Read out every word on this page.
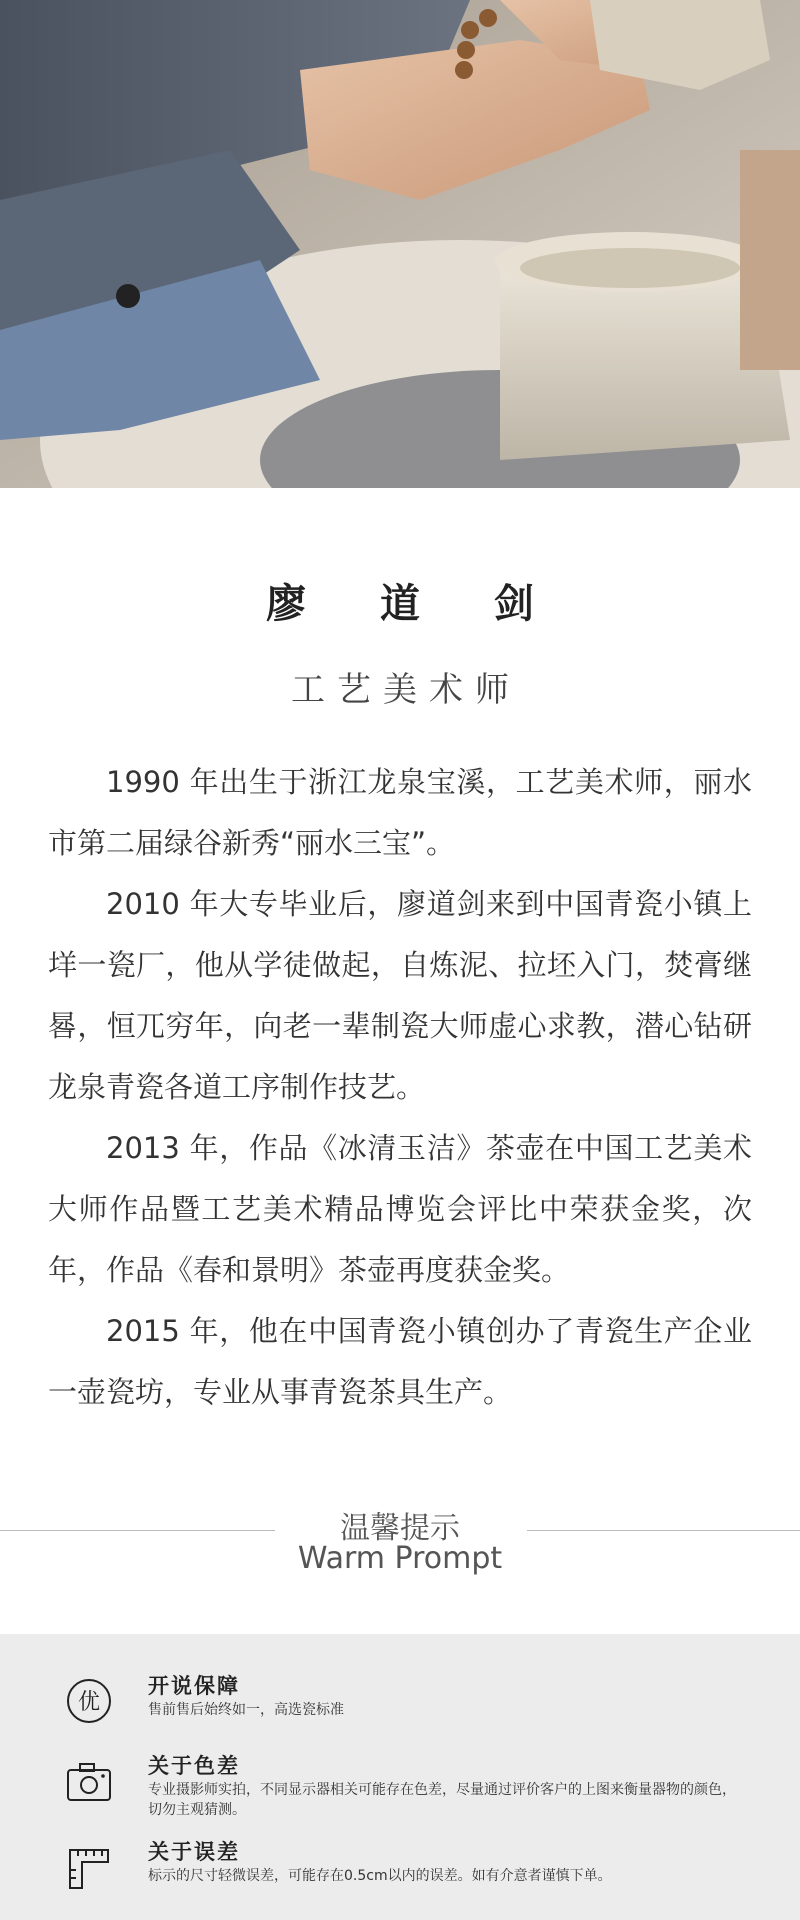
廖 道 剑
工艺美术师

1990 年出生于浙江龙泉宝溪，工艺美术师，丽水市第二届绿谷新秀“丽水三宝”。

2010 年大专毕业后，廖道剑来到中国青瓷小镇上垟一瓷厂，他从学徒做起，自炼泥、拉坯入门，焚膏继晷，恒兀穷年，向老一辈制瓷大师虚心求教，潜心钻研龙泉青瓷各道工序制作技艺。

2013 年，作品《冰清玉洁》茶壶在中国工艺美术大师作品暨工艺美术精品博览会评比中荣获金奖，次年，作品《春和景明》茶壶再度获金奖。

2015 年，他在中国青瓷小镇创办了青瓷生产企业一壶瓷坊，专业从事青瓷茶具生产。

温馨提示
Warm Prompt
优
开说保障
售前售后始终如一，高选瓷标准
关于色差
专业摄影师实拍，不同显示器相关可能存在色差，尽量通过评价客户的上图来衡量器物的颜色，切勿主观猜测。
关于误差
标示的尺寸轻微误差，可能存在0.5cm以内的误差。如有介意者谨慎下单。
